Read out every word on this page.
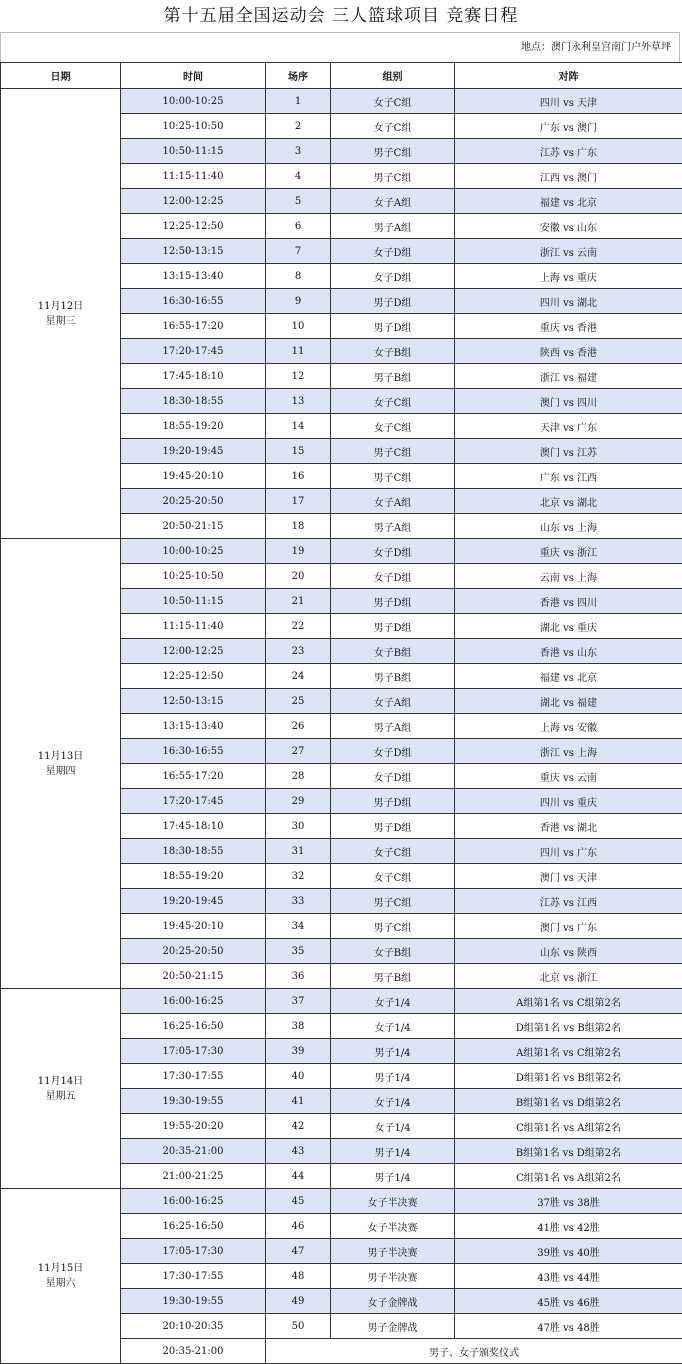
第十五届全国运动会 三人篮球项目 竞赛日程
地点：澳门永利皇宫南门户外草坪
日期	时间	场序	组别	对阵

11月12日
星期三	10:00-10:25	1	女子C组	四川 vs 天津
	10:25-10:50	2	女子C组	广东 vs 澳门
	10:50-11:15	3	男子C组	江苏 vs 广东
	11:15-11:40	4	男子C组	江西 vs 澳门
	12:00-12:25	5	女子A组	福建 vs 北京
	12:25-12:50	6	男子A组	安徽 vs 山东
	12:50-13:15	7	女子D组	浙江 vs 云南
	13:15-13:40	8	女子D组	上海 vs 重庆
	16:30-16:55	9	男子D组	四川 vs 湖北
	16:55-17:20	10	男子D组	重庆 vs 香港
	17:20-17:45	11	女子B组	陕西 vs 香港
	17:45-18:10	12	男子B组	浙江 vs 福建
	18:30-18:55	13	女子C组	澳门 vs 四川
	18:55-19:20	14	女子C组	天津 vs 广东
	19:20-19:45	15	男子C组	澳门 vs 江苏
	19:45-20:10	16	男子C组	广东 vs 江西
	20:25-20:50	17	女子A组	北京 vs 湖北
	20:50-21:15	18	男子A组	山东 vs 上海

11月13日
星期四	10:00-10:25	19	女子D组	重庆 vs 浙江
	10:25-10:50	20	女子D组	云南 vs 上海
	10:50-11:15	21	男子D组	香港 vs 四川
	11:15-11:40	22	男子D组	湖北 vs 重庆
	12:00-12:25	23	女子B组	香港 vs 山东
	12:25-12:50	24	男子B组	福建 vs 北京
	12:50-13:15	25	女子A组	湖北 vs 福建
	13:15-13:40	26	男子A组	上海 vs 安徽
	16:30-16:55	27	女子D组	浙江 vs 上海
	16:55-17:20	28	女子D组	重庆 vs 云南
	17:20-17:45	29	男子D组	四川 vs 重庆
	17:45-18:10	30	男子D组	香港 vs 湖北
	18:30-18:55	31	女子C组	四川 vs 广东
	18:55-19:20	32	女子C组	澳门 vs 天津
	19:20-19:45	33	男子C组	江苏 vs 江西
	19:45-20:10	34	男子C组	澳门 vs 广东
	20:25-20:50	35	女子B组	山东 vs 陕西
	20:50-21:15	36	男子B组	北京 vs 浙江

11月14日
星期五	16:00-16:25	37	女子1/4	A组第1名 vs C组第2名
	16:25-16:50	38	女子1/4	D组第1名 vs B组第2名
	17:05-17:30	39	男子1/4	A组第1名 vs C组第2名
	17:30-17:55	40	男子1/4	D组第1名 vs B组第2名
	19:30-19:55	41	女子1/4	B组第1名 vs D组第2名
	19:55-20:20	42	女子1/4	C组第1名 vs A组第2名
	20:35-21:00	43	男子1/4	B组第1名 vs D组第2名
	21:00-21:25	44	男子1/4	C组第1名 vs A组第2名

11月15日
星期六	16:00-16:25	45	女子半决赛	37胜 vs 38胜
	16:25-16:50	46	女子半决赛	41胜 vs 42胜
	17:05-17:30	47	男子半决赛	39胜 vs 40胜
	17:30-17:55	48	男子半决赛	43胜 vs 44胜
	19:30-19:55	49	女子金牌战	45胜 vs 46胜
	20:10-20:35	50	男子金牌战	47胜 vs 48胜
	20:35-21:00	男子、女子颁奖仪式		
